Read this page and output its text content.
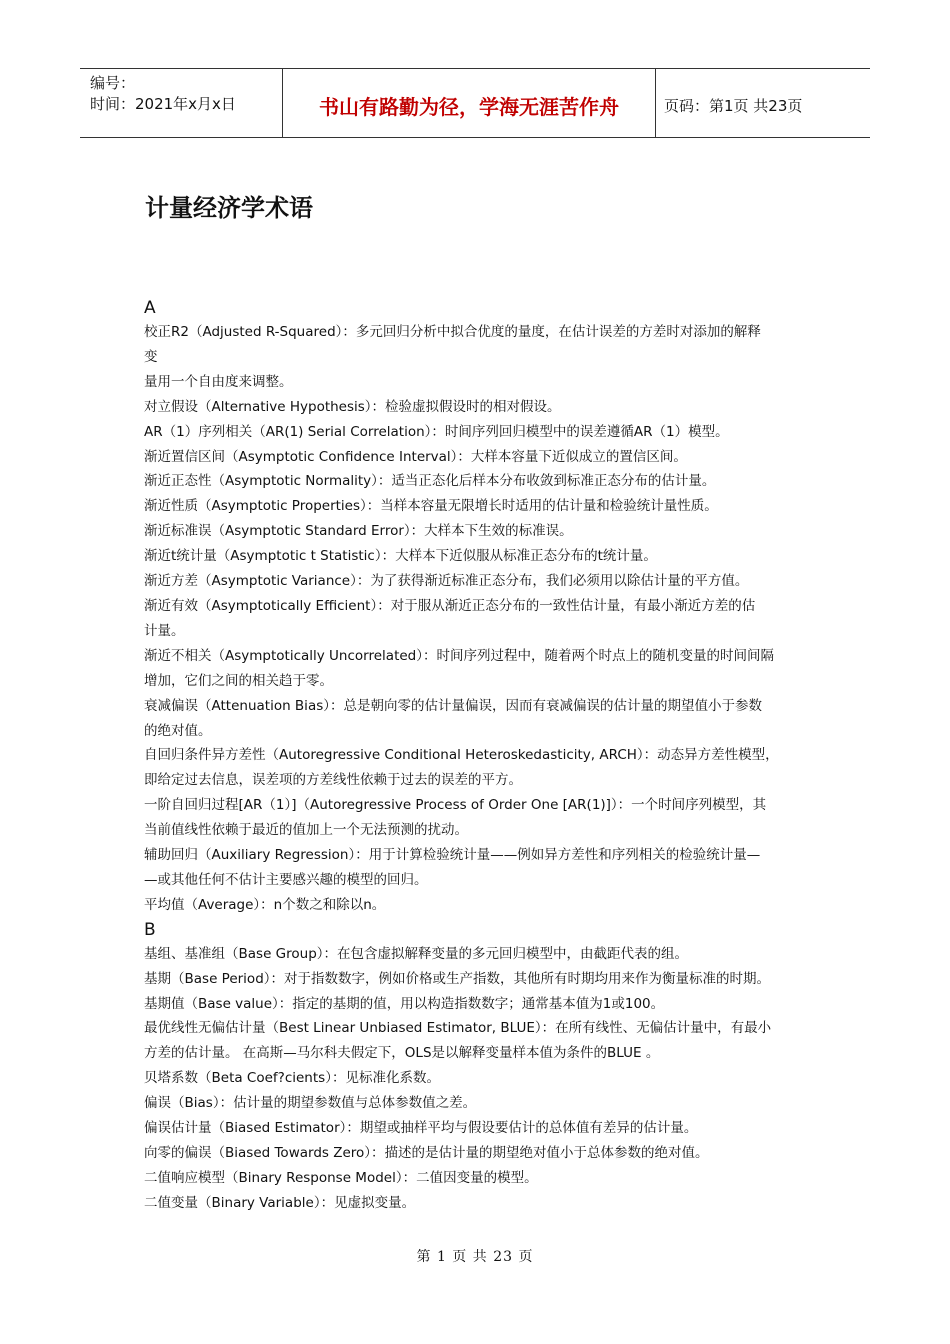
编号：
时间：2021年x月x日	书山有路勤为径，学海无涯苦作舟	页码：第1页 共23页
计量经济学术语
A
校正R2（Adjusted R-Squared）：多元回归分析中拟合优度的量度，在估计误差的方差时对添加的解释
变
量用一个自由度来调整。
对立假设（Alternative Hypothesis）：检验虚拟假设时的相对假设。
AR（1）序列相关（AR(1) Serial Correlation）：时间序列回归模型中的误差遵循AR（1）模型。
渐近置信区间（Asymptotic Confidence Interval）：大样本容量下近似成立的置信区间。
渐近正态性（Asymptotic Normality）：适当正态化后样本分布收敛到标准正态分布的估计量。
渐近性质（Asymptotic Properties）：当样本容量无限增长时适用的估计量和检验统计量性质。
渐近标准误（Asymptotic Standard Error）：大样本下生效的标准误。
渐近t统计量（Asymptotic t Statistic）：大样本下近似服从标准正态分布的t统计量。
渐近方差（Asymptotic Variance）：为了获得渐近标准正态分布，我们必须用以除估计量的平方值。
渐近有效（Asymptotically Efficient）：对于服从渐近正态分布的一致性估计量，有最小渐近方差的估
计量。
渐近不相关（Asymptotically Uncorrelated）：时间序列过程中，随着两个时点上的随机变量的时间间隔
增加，它们之间的相关趋于零。
衰减偏误（Attenuation Bias）：总是朝向零的估计量偏误，因而有衰减偏误的估计量的期望值小于参数
的绝对值。
自回归条件异方差性（Autoregressive Conditional Heteroskedasticity, ARCH）：动态异方差性模型，
即给定过去信息，误差项的方差线性依赖于过去的误差的平方。
一阶自回归过程[AR（1）]（Autoregressive Process of Order One [AR(1)]）：一个时间序列模型，其
当前值线性依赖于最近的值加上一个无法预测的扰动。
辅助回归（Auxiliary Regression）：用于计算检验统计量——例如异方差性和序列相关的检验统计量—
—或其他任何不估计主要感兴趣的模型的回归。
平均值（Average）：n个数之和除以n。
B
基组、基准组（Base Group）：在包含虚拟解释变量的多元回归模型中，由截距代表的组。
基期（Base Period）：对于指数数字，例如价格或生产指数，其他所有时期均用来作为衡量标准的时期。
基期值（Base value）：指定的基期的值，用以构造指数数字；通常基本值为1或100。
最优线性无偏估计量（Best Linear Unbiased Estimator, BLUE）：在所有线性、无偏估计量中，有最小
方差的估计量。 在高斯—马尔科夫假定下，OLS是以解释变量样本值为条件的BLUE 。
贝塔系数（Beta Coef?cients）：见标准化系数。
偏误（Bias）：估计量的期望参数值与总体参数值之差。
偏误估计量（Biased Estimator）：期望或抽样平均与假设要估计的总体值有差异的估计量。
向零的偏误（Biased Towards Zero）：描述的是估计量的期望绝对值小于总体参数的绝对值。
二值响应模型（Binary Response Model）：二值因变量的模型。
二值变量（Binary Variable）：见虚拟变量。
第 1 页 共 23 页
